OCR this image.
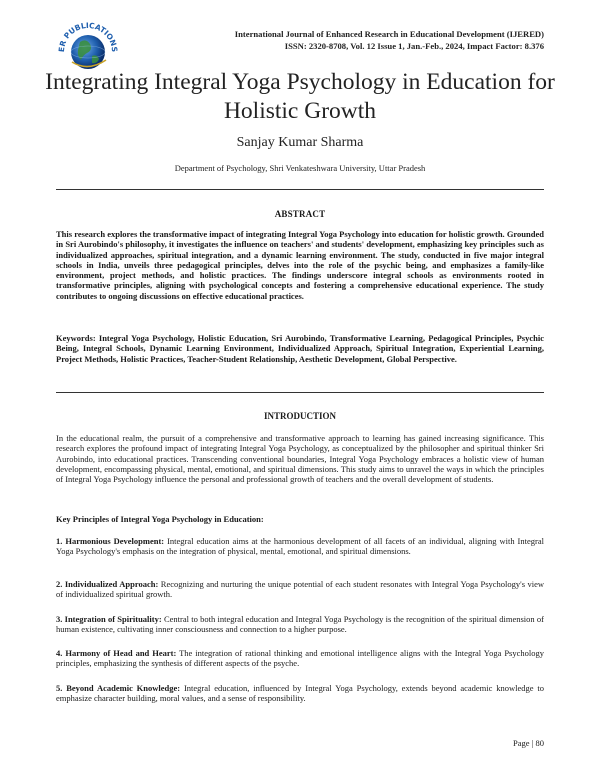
ER PUBLICATIONS
International Journal of Enhanced Research in Educational Development (IJERED)
ISSN: 2320-8708, Vol. 12 Issue 1, Jan.-Feb., 2024, Impact Factor: 8.376
Integrating Integral Yoga Psychology in Education for Holistic Growth
Sanjay Kumar Sharma
Department of Psychology, Shri Venkateshwara University, Uttar Pradesh
ABSTRACT

This research explores the transformative impact of integrating Integral Yoga Psychology into education for holistic growth. Grounded in Sri Aurobindo's philosophy, it investigates the influence on teachers' and students' development, emphasizing key principles such as individualized approaches, spiritual integration, and a dynamic learning environment. The study, conducted in five major integral schools in India, unveils three pedagogical principles, delves into the role of the psychic being, and emphasizes a family-like environment, project methods, and holistic practices. The findings underscore integral schools as environments rooted in transformative principles, aligning with psychological concepts and fostering a comprehensive educational experience. The study contributes to ongoing discussions on effective educational practices.

Keywords: Integral Yoga Psychology, Holistic Education, Sri Aurobindo, Transformative Learning, Pedagogical Principles, Psychic Being, Integral Schools, Dynamic Learning Environment, Individualized Approach, Spiritual Integration, Experiential Learning, Project Methods, Holistic Practices, Teacher-Student Relationship, Aesthetic Development, Global Perspective.

INTRODUCTION

In the educational realm, the pursuit of a comprehensive and transformative approach to learning has gained increasing significance. This research explores the profound impact of integrating Integral Yoga Psychology, as conceptualized by the philosopher and spiritual thinker Sri Aurobindo, into educational practices. Transcending conventional boundaries, Integral Yoga Psychology embraces a holistic view of human development, encompassing physical, mental, emotional, and spiritual dimensions. This study aims to unravel the ways in which the principles of Integral Yoga Psychology influence the personal and professional growth of teachers and the overall development of students.

Key Principles of Integral Yoga Psychology in Education:

1. Harmonious Development: Integral education aims at the harmonious development of all facets of an individual, aligning with Integral Yoga Psychology's emphasis on the integration of physical, mental, emotional, and spiritual dimensions.

2. Individualized Approach: Recognizing and nurturing the unique potential of each student resonates with Integral Yoga Psychology's view of individualized spiritual growth.

3. Integration of Spirituality: Central to both integral education and Integral Yoga Psychology is the recognition of the spiritual dimension of human existence, cultivating inner consciousness and connection to a higher purpose.

4. Harmony of Head and Heart: The integration of rational thinking and emotional intelligence aligns with the Integral Yoga Psychology principles, emphasizing the synthesis of different aspects of the psyche.

5. Beyond Academic Knowledge: Integral education, influenced by Integral Yoga Psychology, extends beyond academic knowledge to emphasize character building, moral values, and a sense of responsibility.

Page | 80
